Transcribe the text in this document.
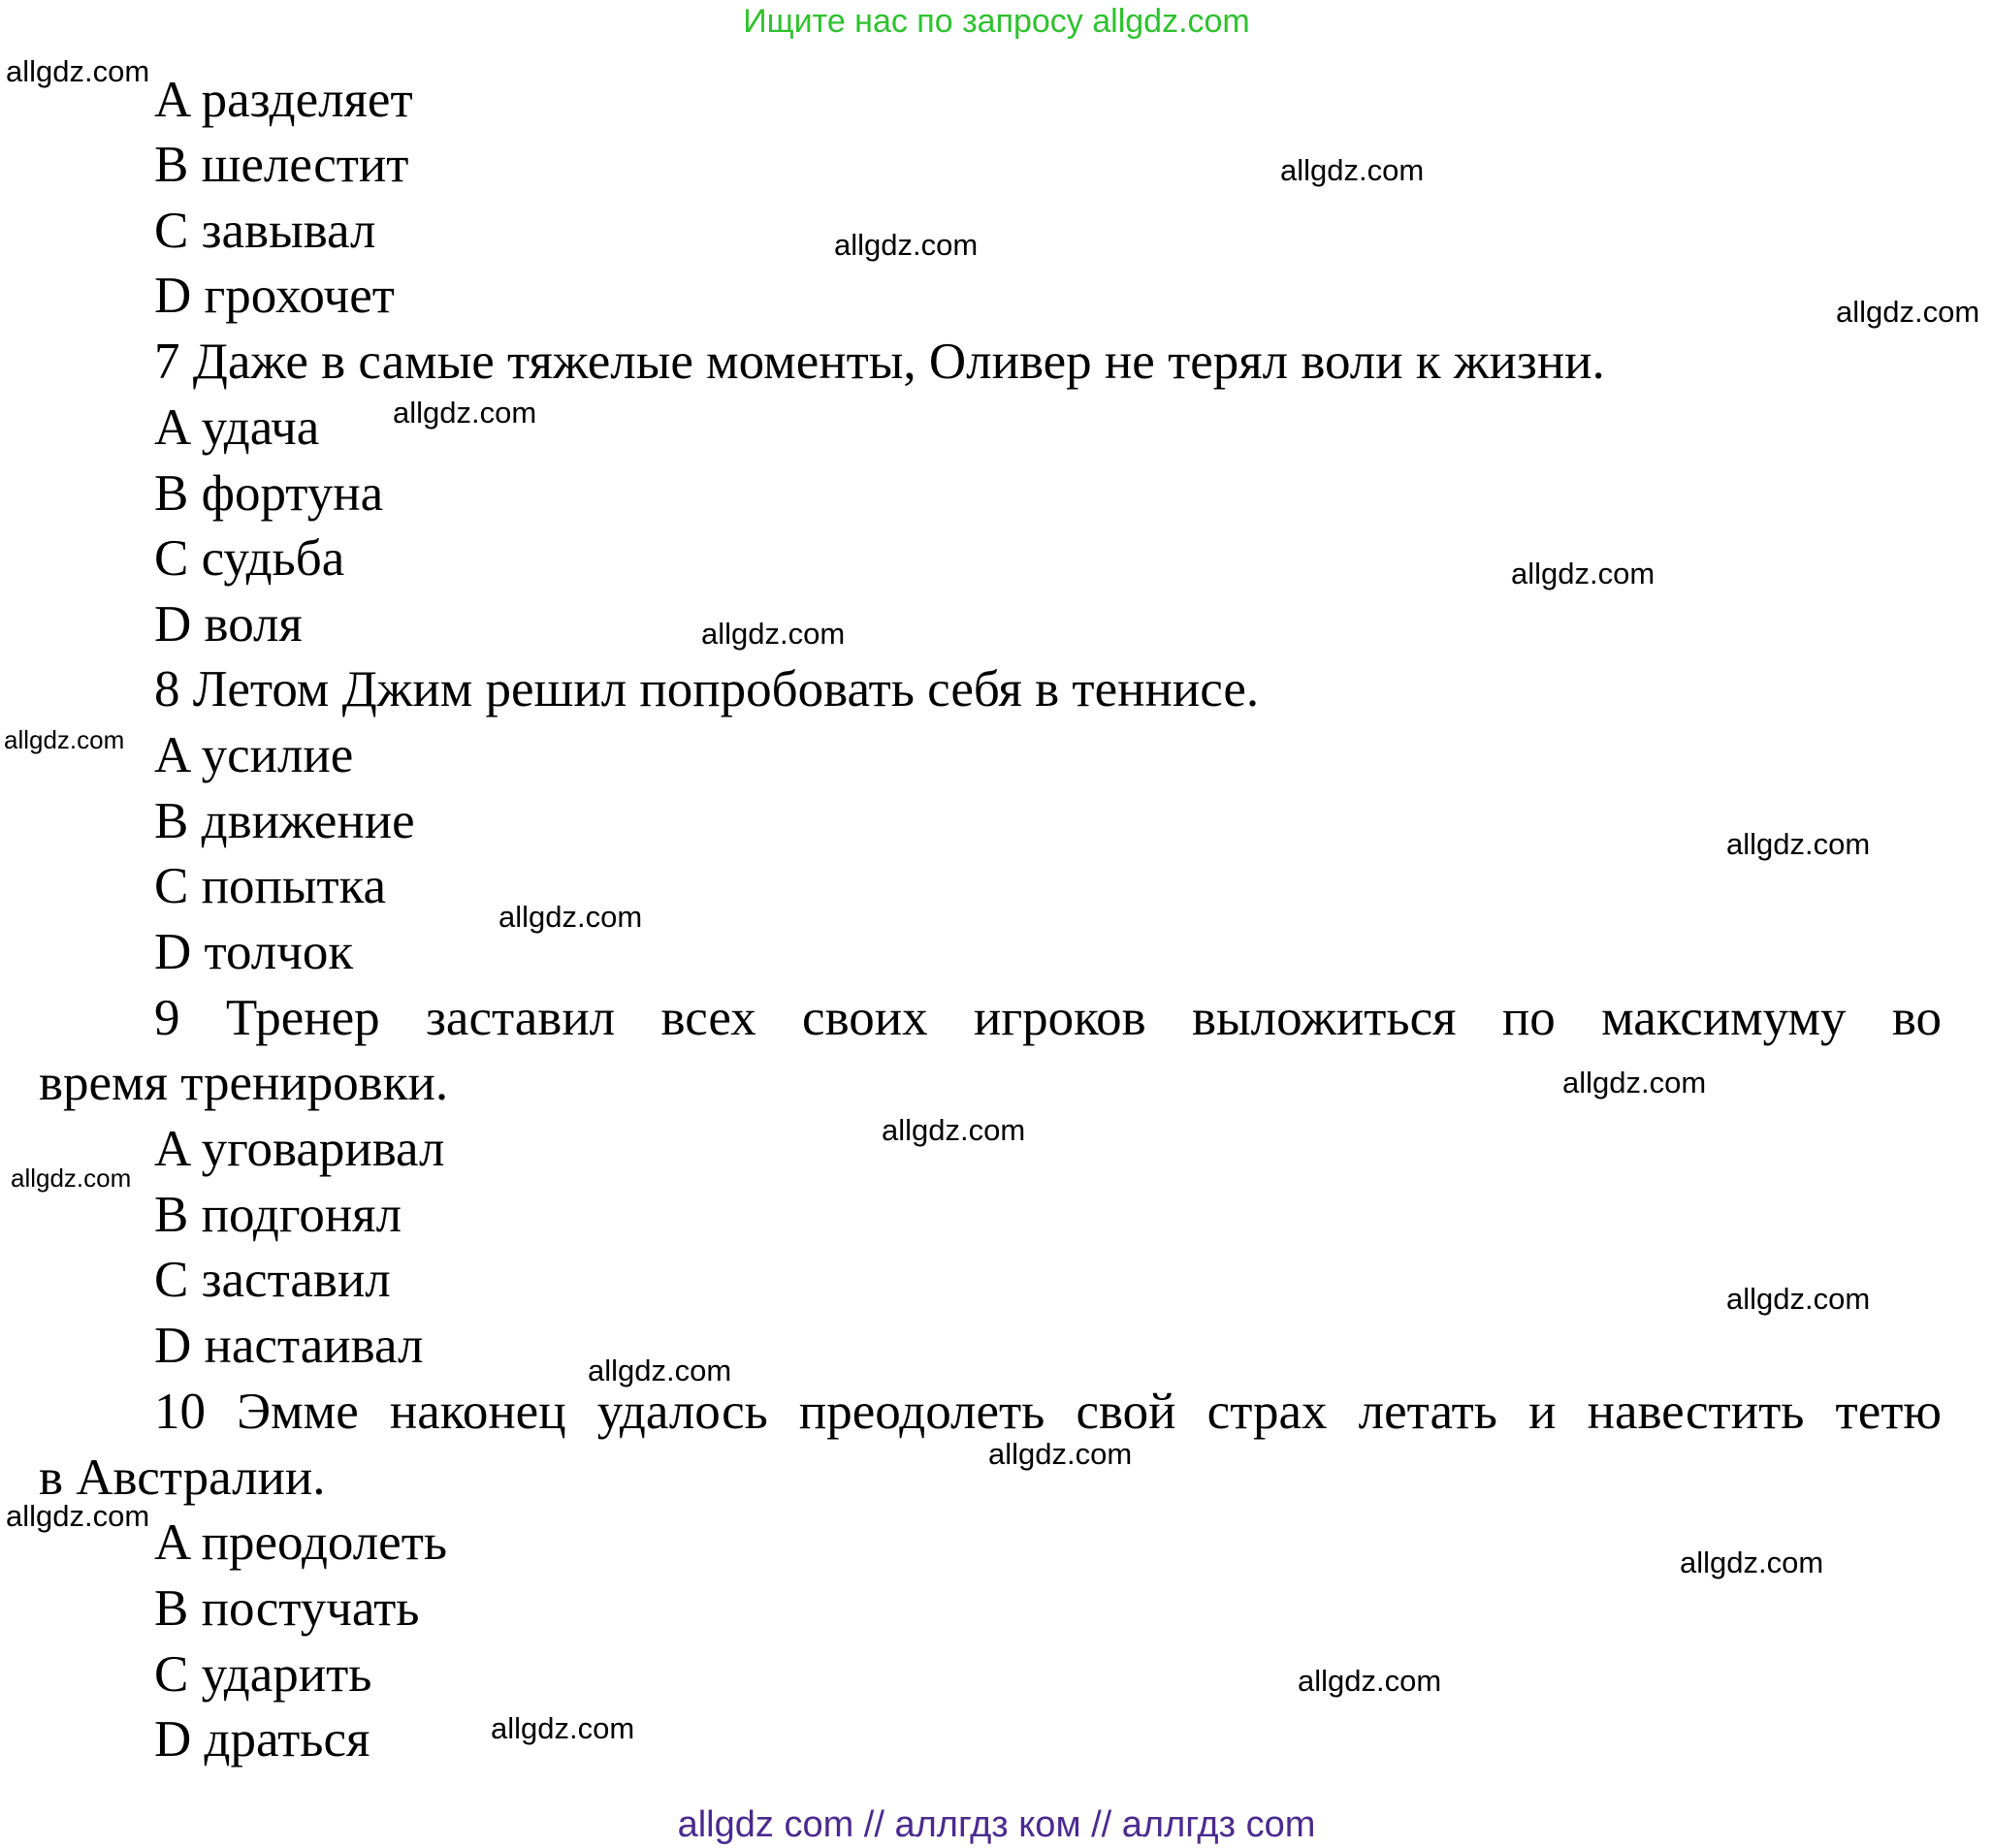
Ищите нас по запросу allgdz.com
A разделяет
B шелестит
C завывал
D грохочет
7 Даже в самые тяжелые моменты, Оливер не терял воли к жизни.
A удача
B фортуна
C судьба
D воля
8 Летом Джим решил попробовать себя в теннисе.
A усилие
B движение
C попытка
D толчок
9 Тренер заставил всех своих игроков выложиться по максимуму во
время тренировки.
A уговаривал
B подгонял
C заставил
D настаивал
10 Эмме наконец удалось преодолеть свой страх летать и навестить тетю
в Австралии.
A преодолеть
B постучать
C ударить
D драться
allgdz.com
allgdz.com
allgdz.com
allgdz.com
allgdz.com
allgdz.com
allgdz.com
allgdz.com
allgdz.com
allgdz.com
allgdz.com
allgdz.com
allgdz.com
allgdz.com
allgdz.com
allgdz.com
allgdz.com
allgdz.com
allgdz.com
allgdz.com
allgdz com // аллгдз ком // аллгдз com
